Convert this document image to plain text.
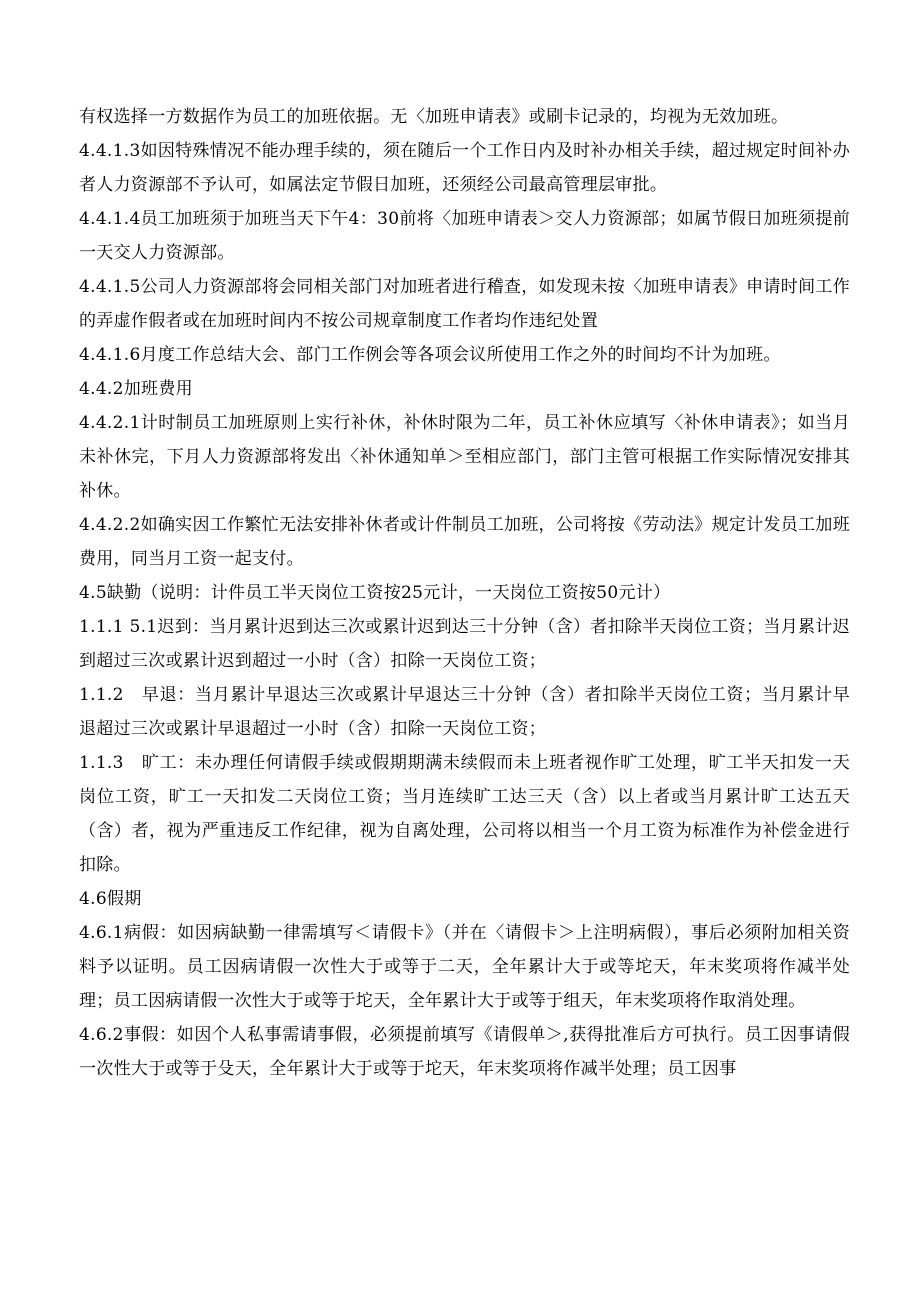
有权选择一方数据作为员工的加班依据。无〈加班申请表》或刷卡记录的，均视为无效加班。

4.4.1.3如因特殊情况不能办理手续的，须在随后一个工作日内及时补办相关手续，超过规定时间补办者人力资源部不予认可，如属法定节假日加班，还须经公司最高管理层审批。

4.4.1.4员工加班须于加班当天下午4：30前将〈加班申请表＞交人力资源部；如属节假日加班须提前一天交人力资源部。

4.4.1.5公司人力资源部将会同相关部门对加班者进行稽查，如发现未按〈加班申请表》申请时间工作的弄虚作假者或在加班时间内不按公司规章制度工作者均作违纪处置

4.4.1.6月度工作总结大会、部门工作例会等各项会议所使用工作之外的时间均不计为加班。

4.4.2加班费用

4.4.2.1计时制员工加班原则上实行补休，补休时限为二年，员工补休应填写〈补休申请表》；如当月未补休完，下月人力资源部将发出〈补休通知单＞至相应部门，部门主管可根据工作实际情况安排其补休。

4.4.2.2如确实因工作繁忙无法安排补休者或计件制员工加班，公司将按《劳动法》规定计发员工加班费用，同当月工资一起支付。

4.5缺勤（说明：计件员工半天岗位工资按25元计，一天岗位工资按50元计）

1.1.1 5.1迟到：当月累计迟到达三次或累计迟到达三十分钟（含）者扣除半天岗位工资；当月累计迟到超过三次或累计迟到超过一小时（含）扣除一天岗位工资；

1.1.2　早退：当月累计早退达三次或累计早退达三十分钟（含）者扣除半天岗位工资；当月累计早退超过三次或累计早退超过一小时（含）扣除一天岗位工资；

1.1.3　旷工：未办理任何请假手续或假期期满未续假而未上班者视作旷工处理，旷工半天扣发一天岗位工资，旷工一天扣发二天岗位工资；当月连续旷工达三天（含）以上者或当月累计旷工达五天（含）者，视为严重违反工作纪律，视为自离处理，公司将以相当一个月工资为标准作为补偿金进行扣除。

4.6假期

4.6.1病假：如因病缺勤一律需填写＜请假卡》（并在〈请假卡＞上注明病假），事后必须附加相关资料予以证明。员工因病请假一次性大于或等于二天，全年累计大于或等坨天，年末奖项将作减半处理；员工因病请假一次性大于或等于坨天，全年累计大于或等于组天，年末奖项将作取消处理。

4.6.2事假：如因个人私事需请事假，必须提前填写《请假单＞,获得批准后方可执行。员工因事请假一次性大于或等于殳天，全年累计大于或等于坨天，年末奖项将作减半处理；员工因事
